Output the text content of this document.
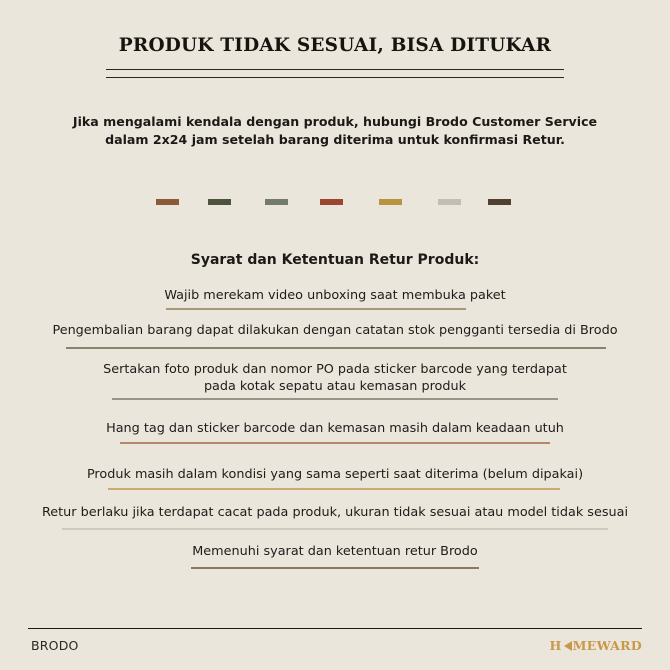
PRODUK TIDAK SESUAI, BISA DITUKAR
Jika mengalami kendala dengan produk, hubungi Brodo Customer Service
dalam 2x24 jam setelah barang diterima untuk konfirmasi Retur.
Syarat dan Ketentuan Retur Produk:
Wajib merekam video unboxing saat membuka paket
Pengembalian barang dapat dilakukan dengan catatan stok pengganti tersedia di Brodo
Sertakan foto produk dan nomor PO pada sticker barcode yang terdapat
pada kotak sepatu atau kemasan produk
Hang tag dan sticker barcode dan kemasan masih dalam keadaan utuh
Produk masih dalam kondisi yang sama seperti saat diterima (belum dipakai)
Retur berlaku jika terdapat cacat pada produk, ukuran tidak sesuai atau model tidak sesuai
Memenuhi syarat dan ketentuan retur Brodo
BRODO	H MEWARD
